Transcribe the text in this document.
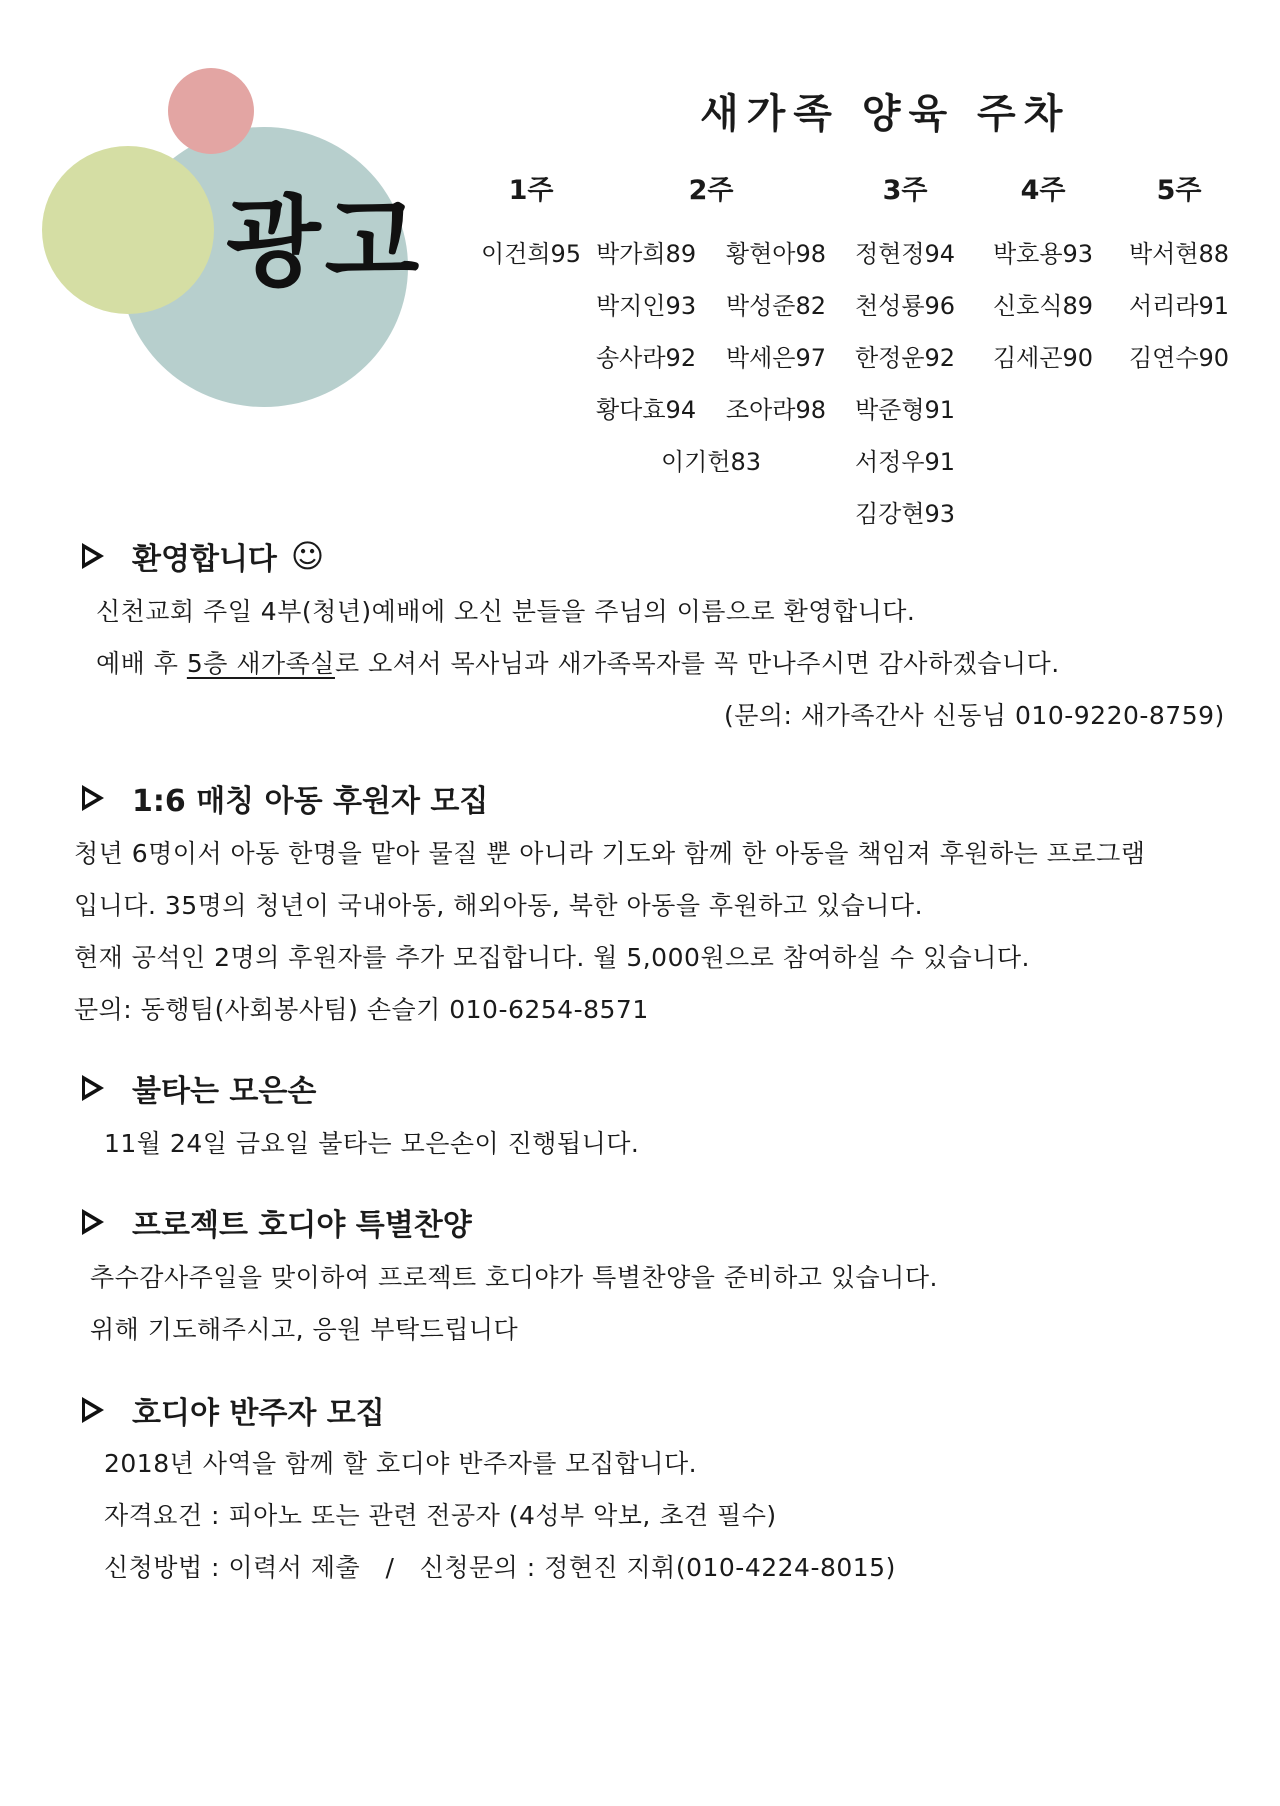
광고
새가족 양육 주차
1주
이건희95
2주
박가희89 황현아98
박지인93 박성준82
송사라92 박세은97
황다효94 조아라98
이기헌83
3주
정현정94
천성룡96
한정운92
박준형91
서정우91
김강현93
4주
박호용93
신호식89
김세곤90
5주
박서현88
서리라91
김연수90
환영합니다 ☺
신천교회 주일 4부(청년)예배에 오신 분들을 주님의 이름으로 환영합니다.
예배 후 5층 새가족실로 오셔서 목사님과 새가족목자를 꼭 만나주시면 감사하겠습니다.
(문의: 새가족간사 신동님 010-9220-8759)
1:6 매칭 아동 후원자 모집
청년 6명이서 아동 한명을 맡아 물질 뿐 아니라 기도와 함께 한 아동을 책임져 후원하는 프로그램
입니다. 35명의 청년이 국내아동, 해외아동, 북한 아동을 후원하고 있습니다.
현재 공석인 2명의 후원자를 추가 모집합니다. 월 5,000원으로 참여하실 수 있습니다.
문의: 동행팀(사회봉사팀) 손슬기 010-6254-8571
불타는 모은손
11월 24일 금요일 불타는 모은손이 진행됩니다.
프로젝트 호디야 특별찬양
추수감사주일을 맞이하여 프로젝트 호디야가 특별찬양을 준비하고 있습니다.
위해 기도해주시고, 응원 부탁드립니다
호디야 반주자 모집
2018년 사역을 함께 할 호디야 반주자를 모집합니다.
자격요건 : 피아노 또는 관련 전공자 (4성부 악보, 초견 필수)
신청방법 : 이력서 제출   /   신청문의 : 정현진 지휘(010-4224-8015)
